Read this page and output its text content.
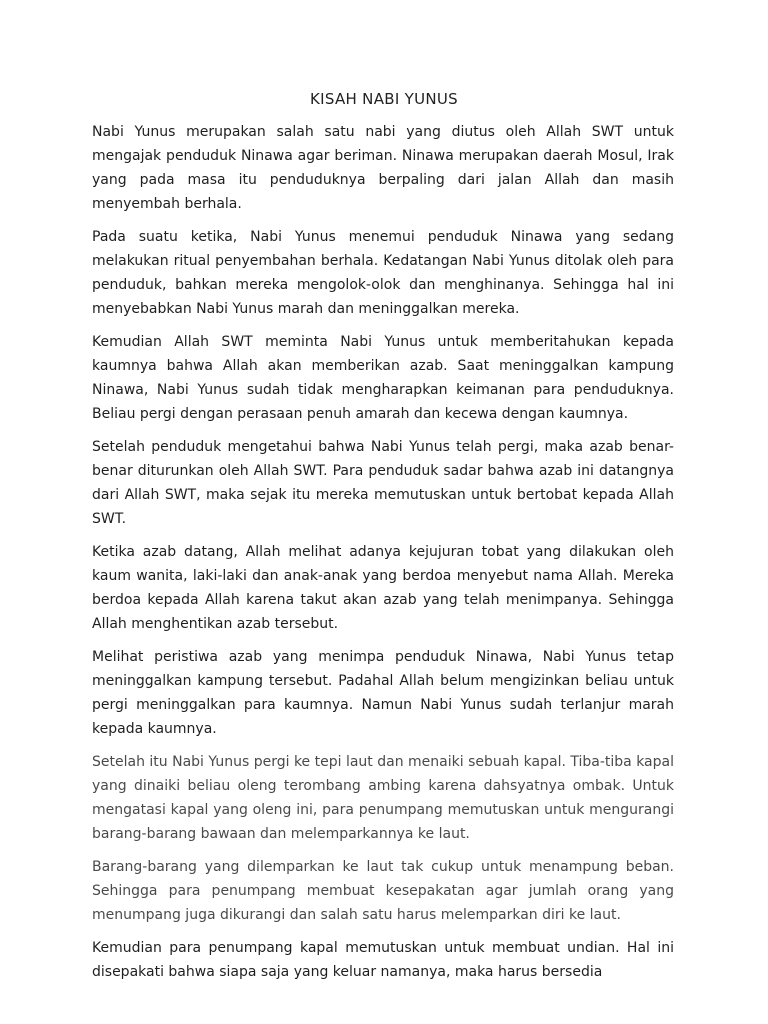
KISAH NABI YUNUS

Nabi Yunus merupakan salah satu nabi yang diutus oleh Allah SWT untuk mengajak penduduk Ninawa agar beriman. Ninawa merupakan daerah Mosul, Irak yang pada masa itu penduduknya berpaling dari jalan Allah dan masih menyembah berhala.

Pada suatu ketika, Nabi Yunus menemui penduduk Ninawa yang sedang melakukan ritual penyembahan berhala. Kedatangan Nabi Yunus ditolak oleh para penduduk, bahkan mereka mengolok-olok dan menghinanya. Sehingga hal ini menyebabkan Nabi Yunus marah dan meninggalkan mereka.

Kemudian Allah SWT meminta Nabi Yunus untuk memberitahukan kepada kaumnya bahwa Allah akan memberikan azab. Saat meninggalkan kampung Ninawa, Nabi Yunus sudah tidak mengharapkan keimanan para penduduknya. Beliau pergi dengan perasaan penuh amarah dan kecewa dengan kaumnya.

Setelah penduduk mengetahui bahwa Nabi Yunus telah pergi, maka azab benar-benar diturunkan oleh Allah SWT. Para penduduk sadar bahwa azab ini datangnya dari Allah SWT, maka sejak itu mereka memutuskan untuk bertobat kepada Allah SWT.

Ketika azab datang, Allah melihat adanya kejujuran tobat yang dilakukan oleh kaum wanita, laki-laki dan anak-anak yang berdoa menyebut nama Allah. Mereka berdoa kepada Allah karena takut akan azab yang telah menimpanya. Sehingga Allah menghentikan azab tersebut.

Melihat peristiwa azab yang menimpa penduduk Ninawa, Nabi Yunus tetap meninggalkan kampung tersebut. Padahal Allah belum mengizinkan beliau untuk pergi meninggalkan para kaumnya. Namun Nabi Yunus sudah terlanjur marah kepada kaumnya.

Setelah itu Nabi Yunus pergi ke tepi laut dan menaiki sebuah kapal. Tiba-tiba kapal yang dinaiki beliau oleng terombang ambing karena dahsyatnya ombak. Untuk mengatasi kapal yang oleng ini, para penumpang memutuskan untuk mengurangi barang-barang bawaan dan melemparkannya ke laut.

Barang-barang yang dilemparkan ke laut tak cukup untuk menampung beban. Sehingga para penumpang membuat kesepakatan agar jumlah orang yang menumpang juga dikurangi dan salah satu harus melemparkan diri ke laut.

Kemudian para penumpang kapal memutuskan untuk membuat undian. Hal ini disepakati bahwa siapa saja yang keluar namanya, maka harus bersedia
